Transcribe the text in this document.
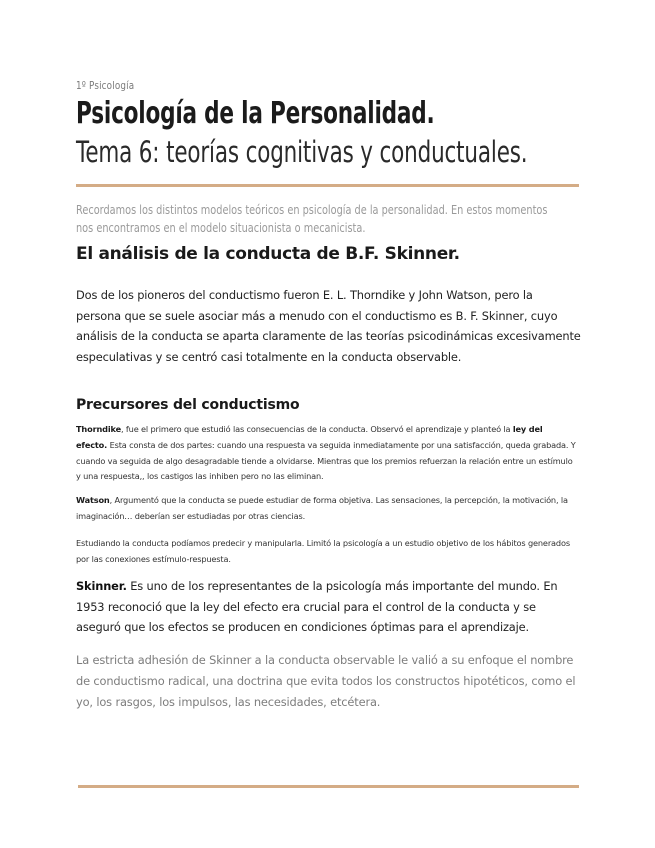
1º Psicología
Psicología de la Personalidad.
Tema 6: teorías cognitivas y conductuales.
Recordamos los distintos modelos teóricos en psicología de la personalidad. En estos momentos nos encontramos en el modelo situacionista o mecanicista.
El análisis de la conducta de B.F. Skinner.

Dos de los pioneros del conductismo fueron E. L. Thorndike y John Watson, pero la persona que se suele asociar más a menudo con el conductismo es B. F. Skinner, cuyo análisis de la conducta se aparta claramente de las teorías psicodinámicas excesivamente especulativas y se centró casi totalmente en la conducta observable.

Precursores del conductismo

Thorndike, fue el primero que estudió las consecuencias de la conducta. Observó el aprendizaje y planteó la ley del efecto. Esta consta de dos partes: cuando una respuesta va seguida inmediatamente por una satisfacción, queda grabada. Y cuando va seguida de algo desagradable tiende a olvidarse. Mientras que los premios refuerzan la relación entre un estímulo y una respuesta,, los castigos las inhiben pero no las eliminan.

Watson, Argumentó que la conducta se puede estudiar de forma objetiva. Las sensaciones, la percepción, la motivación, la imaginación… deberían ser estudiadas por otras ciencias.

Estudiando la conducta podíamos predecir y manipularla. Limitó la psicología a un estudio objetivo de los hábitos generados por las conexiones estímulo-respuesta.

Skinner. Es uno de los representantes de la psicología más importante del mundo. En 1953 reconoció que la ley del efecto era crucial para el control de la conducta y se aseguró que los efectos se producen en condiciones óptimas para el aprendizaje.

La estricta adhesión de Skinner a la conducta observable le valió a su enfoque el nombre de conductismo radical, una doctrina que evita todos los constructos hipotéticos, como el yo, los rasgos, los impulsos, las necesidades, etcétera.
